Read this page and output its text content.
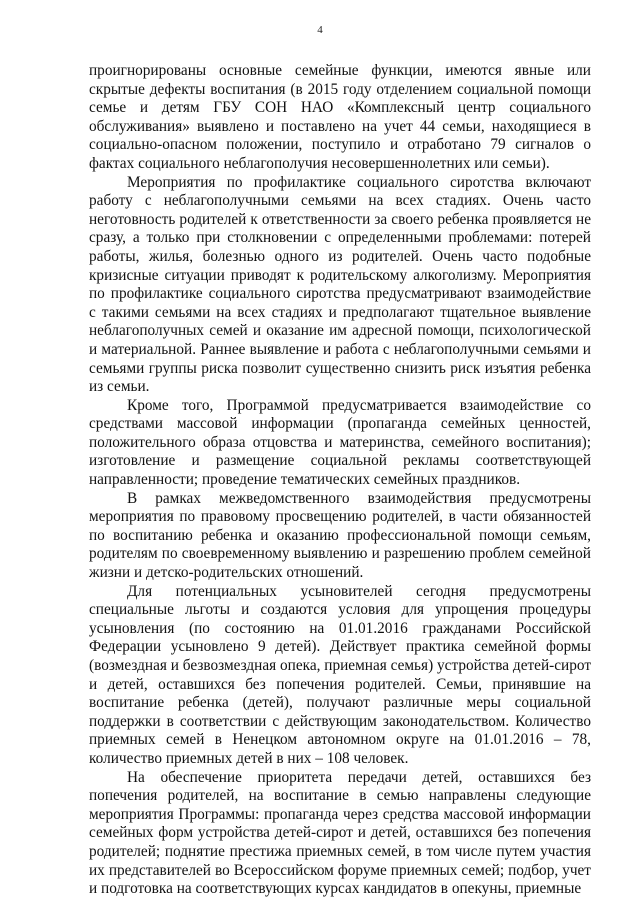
4

проигнорированы основные семейные функции, имеются явные или скрытые дефекты воспитания (в 2015 году отделением социальной помощи семье и детям ГБУ СОН НАО «Комплексный центр социального обслуживания» выявлено и поставлено на учет 44 семьи, находящиеся в социально-опасном положении, поступило и отработано 79 сигналов о фактах социального неблагополучия несовершеннолетних или семьи).

Мероприятия по профилактике социального сиротства включают работу с неблагополучными семьями на всех стадиях. Очень часто неготовность родителей к ответственности за своего ребенка проявляется не сразу, а только при столкновении с определенными проблемами: потерей работы, жилья, болезнью одного из родителей. Очень часто подобные кризисные ситуации приводят к родительскому алкоголизму. Мероприятия по профилактике социального сиротства предусматривают взаимодействие с такими семьями на всех стадиях и предполагают тщательное выявление неблагополучных семей и оказание им адресной помощи, психологической и материальной. Раннее выявление и работа с неблагополучными семьями и семьями группы риска позволит существенно снизить риск изъятия ребенка из семьи.

Кроме того, Программой предусматривается взаимодействие со средствами массовой информации (пропаганда семейных ценностей, положительного образа отцовства и материнства, семейного воспитания); изготовление и размещение социальной рекламы соответствующей направленности; проведение тематических семейных праздников.

В рамках межведомственного взаимодействия предусмотрены мероприятия по правовому просвещению родителей, в части обязанностей по воспитанию ребенка и оказанию профессиональной помощи семьям, родителям по своевременному выявлению и разрешению проблем семейной жизни и детско-родительских отношений.

Для потенциальных усыновителей сегодня предусмотрены специальные льготы и создаются условия для упрощения процедуры усыновления (по состоянию на 01.01.2016 гражданами Российской Федерации усыновлено 9 детей). Действует практика семейной формы (возмездная и безвозмездная опека, приемная семья) устройства детей-сирот и детей, оставшихся без попечения родителей. Семьи, принявшие на воспитание ребенка (детей), получают различные меры социальной поддержки в соответствии с действующим законодательством. Количество приемных семей в Ненецком автономном округе на 01.01.2016 – 78, количество приемных детей в них – 108 человек.

На обеспечение приоритета передачи детей, оставшихся без попечения родителей, на воспитание в семью направлены следующие мероприятия Программы: пропаганда через средства массовой информации семейных форм устройства детей-сирот и детей, оставшихся без попечения родителей; поднятие престижа приемных семей, в том числе путем участия их представителей во Всероссийском форуме приемных семей; подбор, учет и подготовка на соответствующих курсах кандидатов в опекуны, приемные
